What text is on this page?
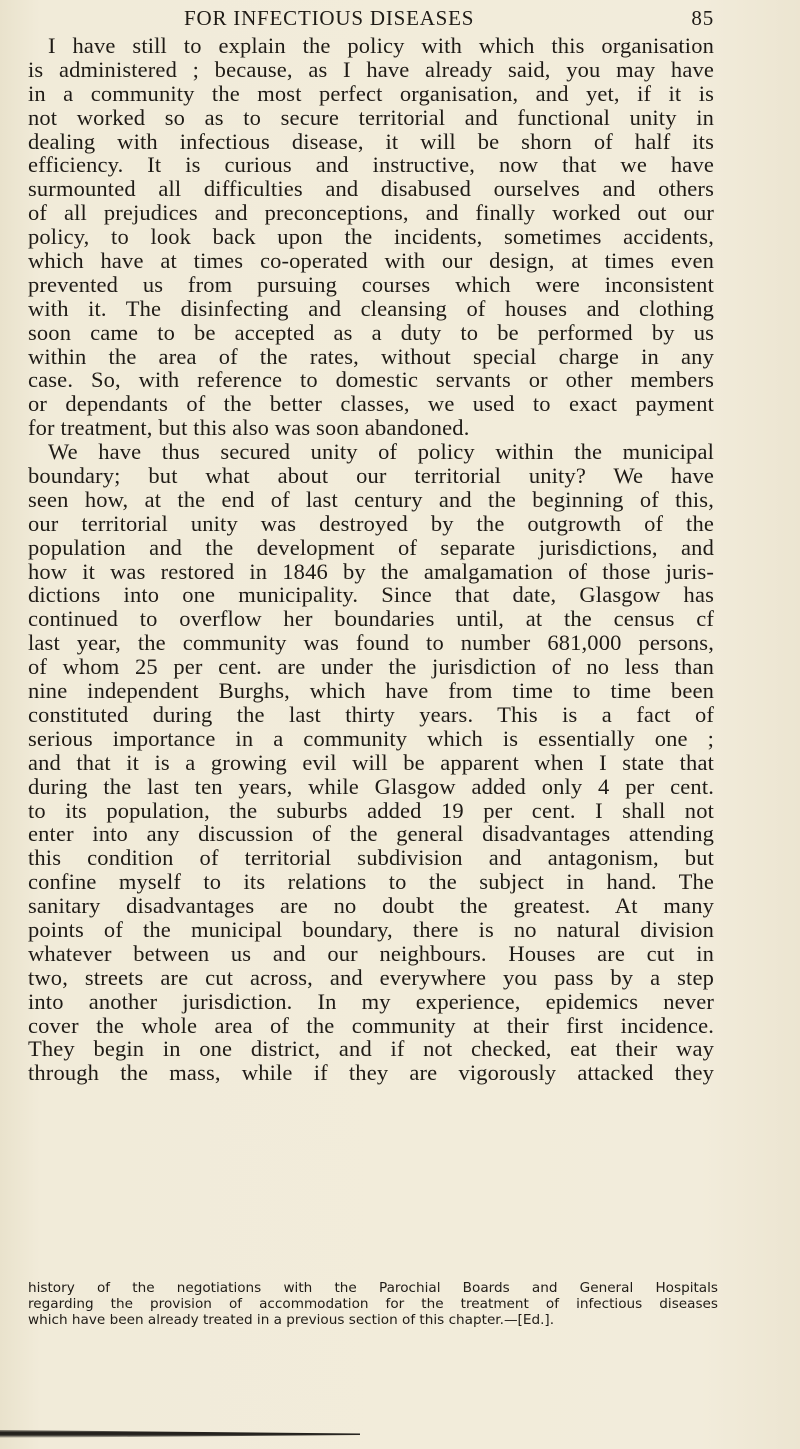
FOR INFECTIOUS DISEASES	85
I have still to explain the policy with which this organisation
is administered ; because, as I have already said, you may have
in a community the most perfect organisation, and yet, if it is
not worked so as to secure territorial and functional unity in
dealing with infectious disease, it will be shorn of half its
efficiency. It is curious and instructive, now that we have
surmounted all difficulties and disabused ourselves and others
of all prejudices and preconceptions, and finally worked out our
policy, to look back upon the incidents, sometimes accidents,
which have at times co-operated with our design, at times even
prevented us from pursuing courses which were inconsistent
with it. The disinfecting and cleansing of houses and clothing
soon came to be accepted as a duty to be performed by us
within the area of the rates, without special charge in any
case. So, with reference to domestic servants or other members
or dependants of the better classes, we used to exact payment
for treatment, but this also was soon abandoned.
We have thus secured unity of policy within the municipal
boundary; but what about our territorial unity? We have
seen how, at the end of last century and the beginning of this,
our territorial unity was destroyed by the outgrowth of the
population and the development of separate jurisdictions, and
how it was restored in 1846 by the amalgamation of those juris-
dictions into one municipality. Since that date, Glasgow has
continued to overflow her boundaries until, at the census cf
last year, the community was found to number 681,000 persons,
of whom 25 per cent. are under the jurisdiction of no less than
nine independent Burghs, which have from time to time been
constituted during the last thirty years. This is a fact of
serious importance in a community which is essentially one ;
and that it is a growing evil will be apparent when I state that
during the last ten years, while Glasgow added only 4 per cent.
to its population, the suburbs added 19 per cent. I shall not
enter into any discussion of the general disadvantages attending
this condition of territorial subdivision and antagonism, but
confine myself to its relations to the subject in hand. The
sanitary disadvantages are no doubt the greatest. At many
points of the municipal boundary, there is no natural division
whatever between us and our neighbours. Houses are cut in
two, streets are cut across, and everywhere you pass by a step
into another jurisdiction. In my experience, epidemics never
cover the whole area of the community at their first incidence.
They begin in one district, and if not checked, eat their way
through the mass, while if they are vigorously attacked they
history of the negotiations with the Parochial Boards and General Hospitals
regarding the provision of accommodation for the treatment of infectious diseases
which have been already treated in a previous section of this chapter.—[Ed.].
